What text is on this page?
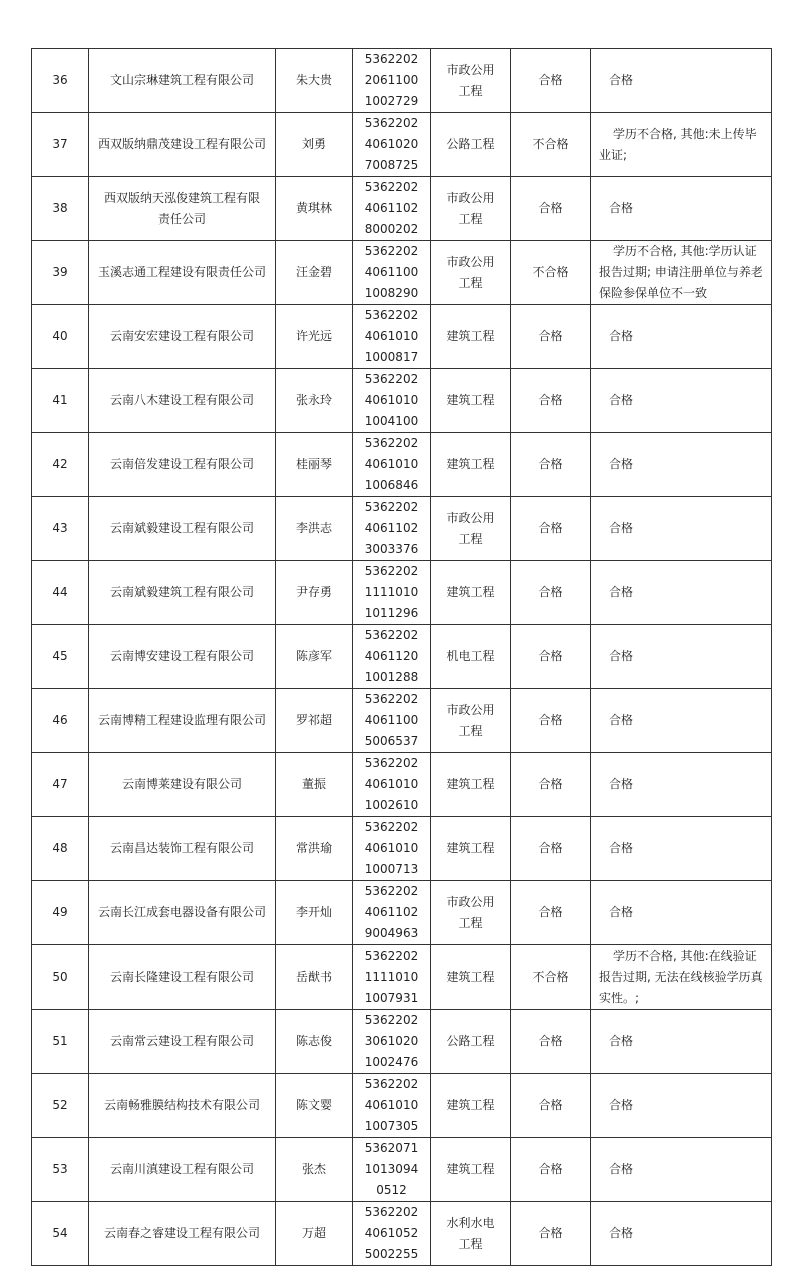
36	文山宗琳建筑工程有限公司	朱大贵	536220220611001002729	市政公用工程	合格	合格
37	西双版纳鼎茂建设工程有限公司	刘勇	536220240610207008725	公路工程	不合格	学历不合格, 其他:未上传毕业证;
38	西双版纳天泓俊建筑工程有限责任公司	黄琪林	536220240611028000202	市政公用工程	合格	合格
39	玉溪志通工程建设有限责任公司	汪金碧	536220240611001008290	市政公用工程	不合格	学历不合格, 其他:学历认证报告过期; 申请注册单位与养老保险参保单位不一致
40	云南安宏建设工程有限公司	许光远	536220240610101000817	建筑工程	合格	合格
41	云南八木建设工程有限公司	张永玲	536220240610101004100	建筑工程	合格	合格
42	云南倍发建设工程有限公司	桂丽琴	536220240610101006846	建筑工程	合格	合格
43	云南斌毅建设工程有限公司	李洪志	536220240611023003376	市政公用工程	合格	合格
44	云南斌毅建筑工程有限公司	尹存勇	536220211110101011296	建筑工程	合格	合格
45	云南博安建设工程有限公司	陈彦军	536220240611201001288	机电工程	合格	合格
46	云南博精工程建设监理有限公司	罗祁超	536220240611005006537	市政公用工程	合格	合格
47	云南博莱建设有限公司	董振	536220240610101002610	建筑工程	合格	合格
48	云南昌达装饰工程有限公司	常洪瑜	536220240610101000713	建筑工程	合格	合格
49	云南长江成套电器设备有限公司	李开灿	536220240611029004963	市政公用工程	合格	合格
50	云南长隆建设工程有限公司	岳猷书	536220211110101007931	建筑工程	不合格	学历不合格, 其他:在线验证报告过期, 无法在线核验学历真实性。;
51	云南常云建设工程有限公司	陈志俊	536220230610201002476	公路工程	合格	合格
52	云南畅雅膜结构技术有限公司	陈文婴	536220240610101007305	建筑工程	合格	合格
53	云南川滇建设工程有限公司	张杰	53620711013094 0512	建筑工程	合格	合格
54	云南春之睿建设工程有限公司	万超	536220240610525002255	水利水电工程	合格	合格
